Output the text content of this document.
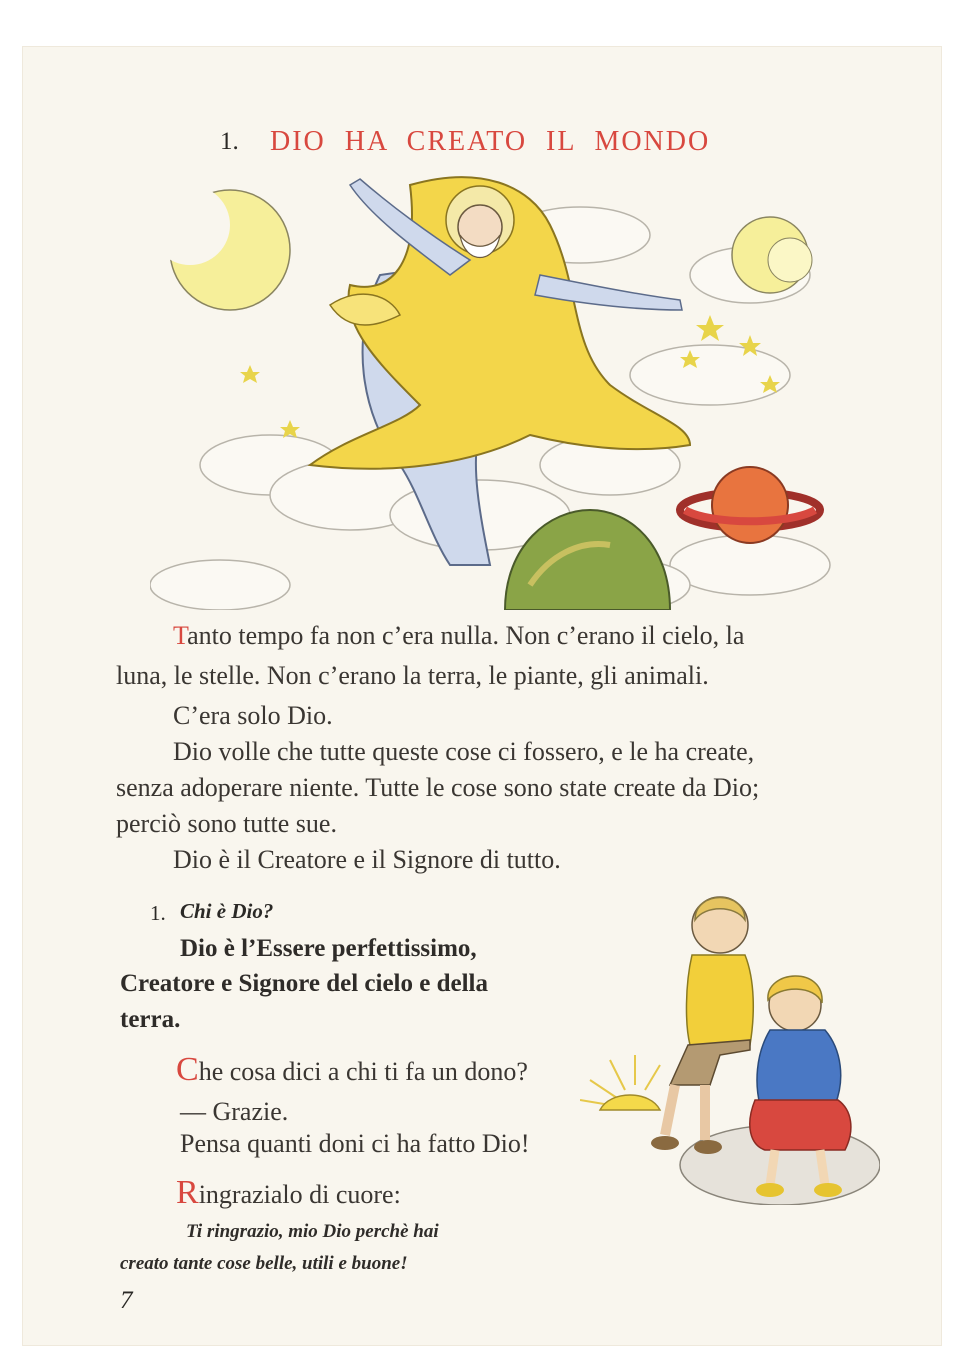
1. DIO HA CREATO IL MONDO
Tanto tempo fa non c’era nulla. Non c’erano il cielo, la
luna, le stelle. Non c’erano la terra, le piante, gli animali.
C’era solo Dio.
Dio volle che tutte queste cose ci fossero, e le ha create,
senza adoperare niente. Tutte le cose sono state create da Dio;
perciò sono tutte sue.
Dio è il Creatore e il Signore di tutto.
1. Chi è Dio?
Dio è l’Essere perfettissimo,
Creatore e Signore del cielo e della
terra.
Che cosa dici a chi ti fa un dono?
— Grazie.
Pensa quanti doni ci ha fatto Dio!
Ringrazialo di cuore:
Ti ringrazio, mio Dio perchè hai
creato tante cose belle, utili e buone!
7
